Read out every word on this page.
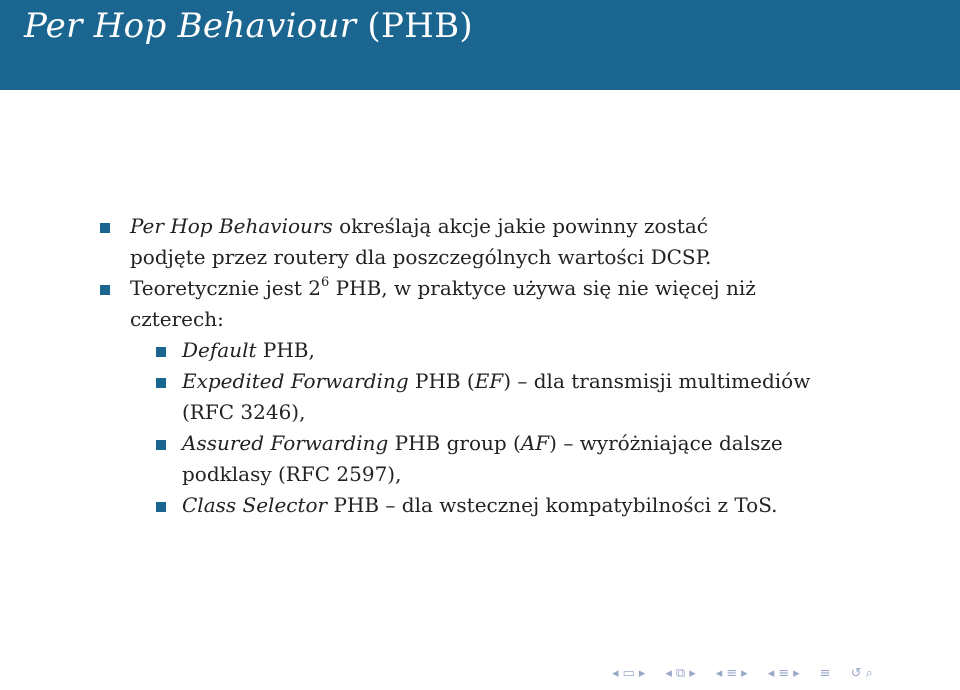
Per Hop Behaviour (PHB)

Per Hop Behaviours określają akcje jakie powinny zostać
podjęte przez routery dla poszczególnych wartości DCSP.

Teoretycznie jest $2^6$ PHB, w praktyce używa się nie więcej niż
czterech:

Default PHB,

Expedited Forwarding PHB (EF) – dla transmisji multimediów
(RFC 3246),

Assured Forwarding PHB group (AF) – wyróżniające dalsze
podklasy (RFC 2597),

Class Selector PHB – dla wstecznej kompatybilności z ToS.

◂ ▭ ▸ ◂ ⧉ ▸ ◂ ≡ ▸ ◂ ≡ ▸ ≡ ↺ ⌕
